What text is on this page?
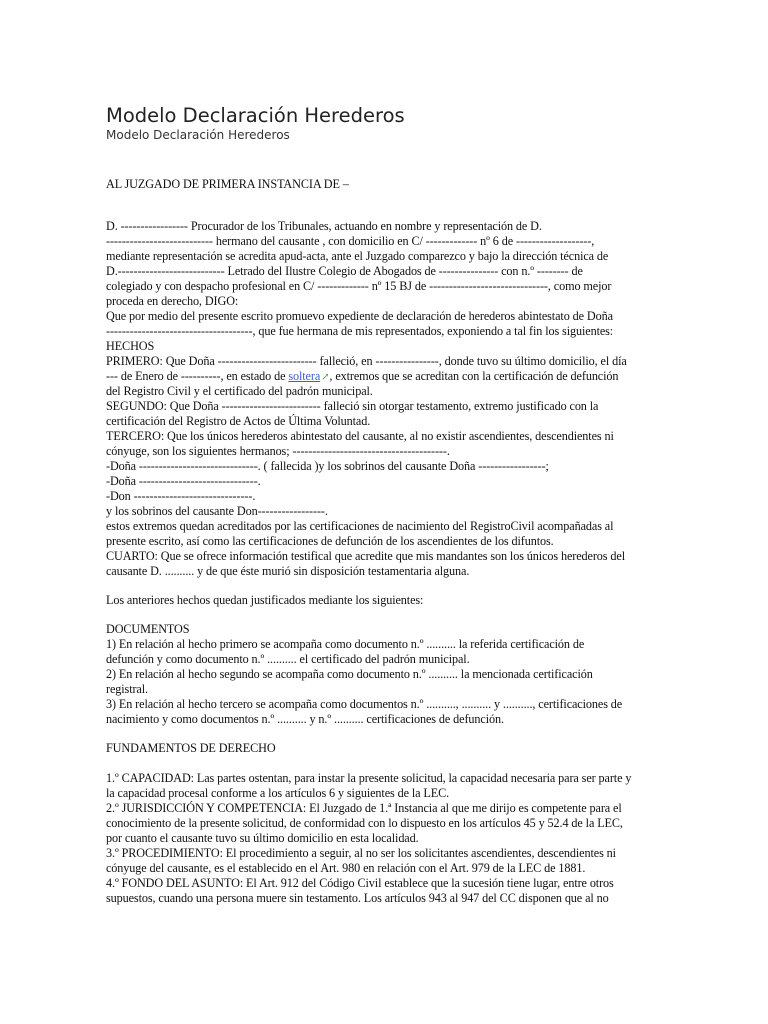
Modelo Declaración Herederos
Modelo Declaración Herederos
AL JUZGADO DE PRIMERA INSTANCIA DE –
D. ----------------- Procurador de los Tribunales, actuando en nombre y representación de D.
--------------------------- hermano del causante , con domicilio en C/ ------------- nº 6 de -------------------,
mediante representación se acredita apud-acta, ante el Juzgado comparezco y bajo la dirección técnica de
D.--------------------------- Letrado del Ilustre Colegio de Abogados de --------------- con n.º -------- de
colegiado y con despacho profesional en C/ ------------- nº 15 BJ de ------------------------------, como mejor
proceda en derecho, DIGO:
Que por medio del presente escrito promuevo expediente de declaración de herederos abintestato de Doña
-------------------------------------, que fue hermana de mis representados, exponiendo a tal fin los siguientes:
HECHOS
PRIMERO: Que Doña ------------------------- falleció, en ----------------, donde tuvo su último domicilio, el día
--- de Enero de ----------, en estado de soltera↗, extremos que se acreditan con la certificación de defunción
del Registro Civil y el certificado del padrón municipal.
SEGUNDO: Que Doña ------------------------- falleció sin otorgar testamento, extremo justificado con la
certificación del Registro de Actos de Última Voluntad.
TERCERO: Que los únicos herederos abintestato del causante, al no existir ascendientes, descendientes ni
cónyuge, son los siguientes hermanos; ---------------------------------------.
-Doña ------------------------------. ( fallecida )y los sobrinos del causante Doña -----------------;
-Doña ------------------------------.
-Don ------------------------------.
y los sobrinos del causante Don-----------------.
estos extremos quedan acreditados por las certificaciones de nacimiento del RegistroCivil acompañadas al
presente escrito, así como las certificaciones de defunción de los ascendientes de los difuntos.
CUARTO: Que se ofrece información testifical que acredite que mis mandantes son los únicos herederos del
causante D. .......... y de que éste murió sin disposición testamentaria alguna.
Los anteriores hechos quedan justificados mediante los siguientes:
DOCUMENTOS
1) En relación al hecho primero se acompaña como documento n.º .......... la referida certificación de
defunción y como documento n.º .......... el certificado del padrón municipal.
2) En relación al hecho segundo se acompaña como documento n.º .......... la mencionada certificación
registral.
3) En relación al hecho tercero se acompaña como documentos n.º .........., .......... y .........., certificaciones de
nacimiento y como documentos n.º .......... y n.º .......... certificaciones de defunción.
FUNDAMENTOS DE DERECHO
1.º CAPACIDAD: Las partes ostentan, para instar la presente solicitud, la capacidad necesaria para ser parte y
la capacidad procesal conforme a los artículos 6 y siguientes de la LEC.
2.º JURISDICCIÓN Y COMPETENCIA: El Juzgado de 1.ª Instancia al que me dirijo es competente para el
conocimiento de la presente solicitud, de conformidad con lo dispuesto en los artículos 45 y 52.4 de la LEC,
por cuanto el causante tuvo su último domicilio en esta localidad.
3.º PROCEDIMIENTO: El procedimiento a seguir, al no ser los solicitantes ascendientes, descendientes ni
cónyuge del causante, es el establecido en el Art. 980 en relación con el Art. 979 de la LEC de 1881.
4.º FONDO DEL ASUNTO: El Art. 912 del Código Civil establece que la sucesión tiene lugar, entre otros
supuestos, cuando una persona muere sin testamento. Los artículos 943 al 947 del CC disponen que al no
